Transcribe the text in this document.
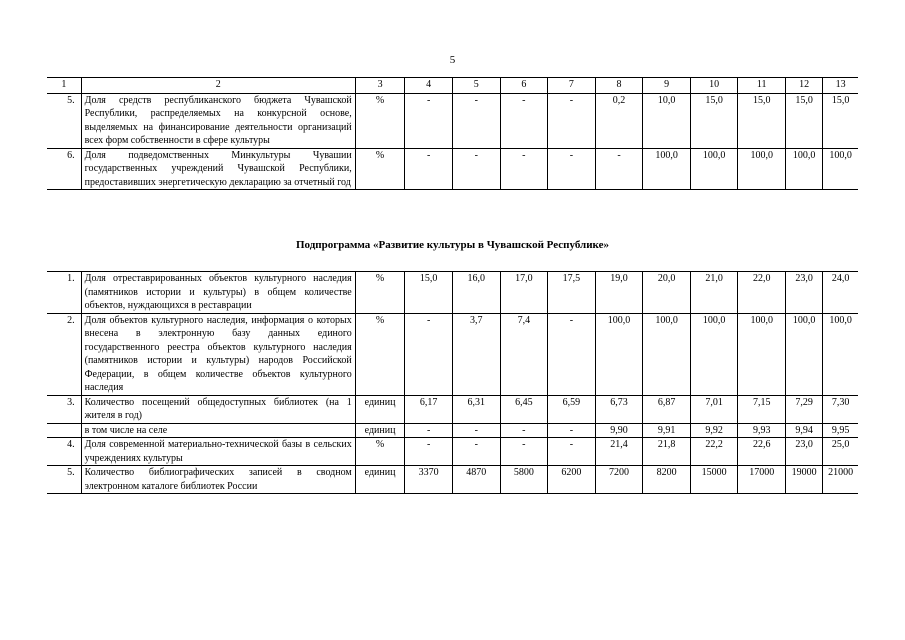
5
1	2	3	4	5	6	7	8	9	10	11	12	13
5.	Доля средств республиканского бюджета Чувашской Республики, распределяемых на конкурсной основе, выделяемых на финансирование деятельности организаций всех форм собственности в сфере культуры	%	-	-	-	-	0,2	10,0	15,0	15,0	15,0	15,0
6.	Доля подведомственных Минкультуры Чувашии государственных учреждений Чувашской Республики, предоставивших энергетическую декларацию за отчетный год	%	-	-	-	-	-	100,0	100,0	100,0	100,0	100,0
Подпрограмма «Развитие культуры в Чувашской Республике»
1.	Доля отреставрированных объектов культурного наследия (памятников истории и культуры) в общем количестве объектов, нуждающихся в реставрации	%	15,0	16,0	17,0	17,5	19,0	20,0	21,0	22,0	23,0	24,0
2.	Доля объектов культурного наследия, информация о которых внесена в электронную базу данных единого государственного реестра объектов культурного наследия (памятников истории и культуры) народов Российской Федерации, в общем количестве объектов культурного наследия	%	-	3,7	7,4	-	100,0	100,0	100,0	100,0	100,0	100,0
3.	Количество посещений общедоступных библиотек (на 1 жителя в год)	единиц	6,17	6,31	6,45	6,59	6,73	6,87	7,01	7,15	7,29	7,30
	в том числе на селе	единиц	-	-	-	-	9,90	9,91	9,92	9,93	9,94	9,95
4.	Доля современной материально-технической базы в сельских учреждениях культуры	%	-	-	-	-	21,4	21,8	22,2	22,6	23,0	25,0
5.	Количество библиографических записей в сводном электронном каталоге библиотек России	единиц	3370	4870	5800	6200	7200	8200	15000	17000	19000	21000
